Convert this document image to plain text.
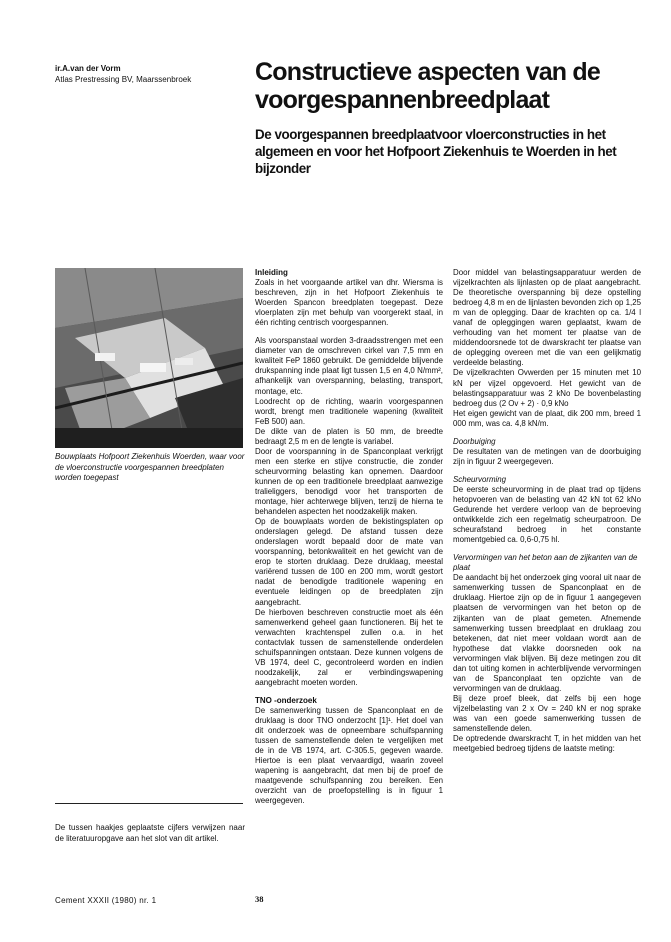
ir.A.van der Vorm
Atlas Prestressing BV, Maarssenbroek	Constructieve aspecten van de voorgespannenbreedplaat
De voorgespannen breedplaatvoor vloerconstructies in het algemeen en voor het Hofpoort Ziekenhuis te Woerden in het bijzonder

Bouwplaats Hofpoort Ziekenhuis Woerden, waar voor de vloerconstructie voorgespannen breedplaten worden toegepast

De tussen haakjes geplaatste cijfers verwijzen naar de literatuuropgave aan het slot van dit artikel.

Cement XXXII (1980) nr. 1	38
Inleiding

Zoals in het voorgaande artikel van dhr. Wiersma is beschreven, zijn in het Hofpoort Ziekenhuis te Woerden Spancon breedplaten toegepast. Deze vloerplaten zijn met behulp van voorgerekt staal, in één richting centrisch voorgespannen.

Als voorspanstaal worden 3-draadsstrengen met een diameter van de omschreven cirkel van 7,5 mm en kwaliteit FeP 1860 gebruikt. De gemiddelde blijvende drukspanning inde plaat ligt tussen 1,5 en 4,0 N/mm², afhankelijk van overspanning, belasting, transport, montage, etc.

Loodrecht op de richting, waarin voorgespannen wordt, brengt men traditionele wapening (kwaliteit FeB 500) aan.

De dikte van de platen is 50 mm, de breedte bedraagt 2,5 m en de lengte is variabel.

Door de voorspanning in de Spanconplaat verkrijgt men een sterke en stijve constructie, die zonder scheurvorming belasting kan opnemen. Daardoor kunnen de op een traditionele breedplaat aanwezige tralieliggers, benodigd voor het transporten de montage, hier achterwege blijven, tenzij de hierna te behandelen aspecten het noodzakelijk maken.

Op de bouwplaats worden de bekistingsplaten op onderslagen gelegd. De afstand tussen deze onderslagen wordt bepaald door de mate van voorspanning, betonkwaliteit en het gewicht van de erop te storten druklaag. Deze druklaag, meestal variërend tussen de 100 en 200 mm, wordt gestort nadat de benodigde traditionele wapening en eventuele leidingen op de breedplaten zijn aangebracht.

De hierboven beschreven constructie moet als één samenwerkend geheel gaan functioneren. Bij het te verwachten krachtenspel zullen o.a. in het contactvlak tussen de samenstellende onderdelen schuifspanningen ontstaan. Deze kunnen volgens de VB 1974, deel C, gecontroleerd worden en indien noodzakelijk, zal er verbindingswapening aangebracht moeten worden.

TNO -onderzoek

De samenwerking tussen de Spanconplaat en de druklaag is door TNO onderzocht [1]¹. Het doel van dit onderzoek was de opneembare schuifspanning tussen de samenstellende delen te vergelijken met de in de VB 1974, art. C-305.5, gegeven waarde. Hiertoe is een plaat vervaardigd, waarin zoveel wapening is aangebracht, dat men bij de proef de maatgevende schuifspanning zou bereiken. Een overzicht van de proefopstelling is in figuur 1 weergegeven.

Door middel van belastingsapparatuur werden de vijzelkrachten als lijnlasten op de plaat aangebracht. De theoretische overspanning bij deze opstelling bedroeg 4,8 m en de lijnlasten bevonden zich op 1,25 m van de oplegging. Daar de krachten op ca. 1/4 l vanaf de opleggingen waren geplaatst, kwam de verhouding van het moment ter plaatse van de middendoorsnede tot de dwarskracht ter plaatse van de oplegging overeen met die van een gelijkmatig verdeelde belasting.

De vijzelkrachten Ovwerden per 15 minuten met 10 kN per vijzel opgevoerd. Het gewicht van de belastingsapparatuur was 2 kNo De bovenbelasting bedroeg dus (2 Ov + 2) · 0,9 kNo

Het eigen gewicht van de plaat, dik 200 mm, breed 1 000 mm, was ca. 4,8 kN/m.

Doorbuiging

De resultaten van de metingen van de doorbuiging zijn in figuur 2 weergegeven.

Scheurvorming

De eerste scheurvorming in de plaat trad op tijdens hetopvoeren van de belasting van 42 kN tot 62 kNo Gedurende het verdere verloop van de beproeving ontwikkelde zich een regelmatig scheurpatroon. De scheurafstand bedroeg in het constante momentgebied ca. 0,6-0,75 hl.

Vervormingen van het beton aan de zijkanten van de plaat

De aandacht bij het onderzoek ging vooral uit naar de samenwerking tussen de Spanconplaat en de druklaag. Hiertoe zijn op de in figuur 1 aangegeven plaatsen de vervormingen van het beton op de zijkanten van de plaat gemeten. Afnemende samenwerking tussen breedplaat en druklaag zou betekenen, dat niet meer voldaan wordt aan de hypothese dat vlakke doorsneden ook na vervormingen vlak blijven. Bij deze metingen zou dit dan tot uiting komen in achterblijvende vervormingen van de Spanconplaat ten opzichte van de vervormingen van de druklaag.

Bij deze proef bleek, dat zelfs bij een hoge vijzelbelasting van 2 x Ov = 240 kN er nog sprake was van een goede samenwerking tussen de samenstellende delen.

De optredende dwarskracht T, in het midden van het meetgebied bedroeg tijdens de laatste meting:
